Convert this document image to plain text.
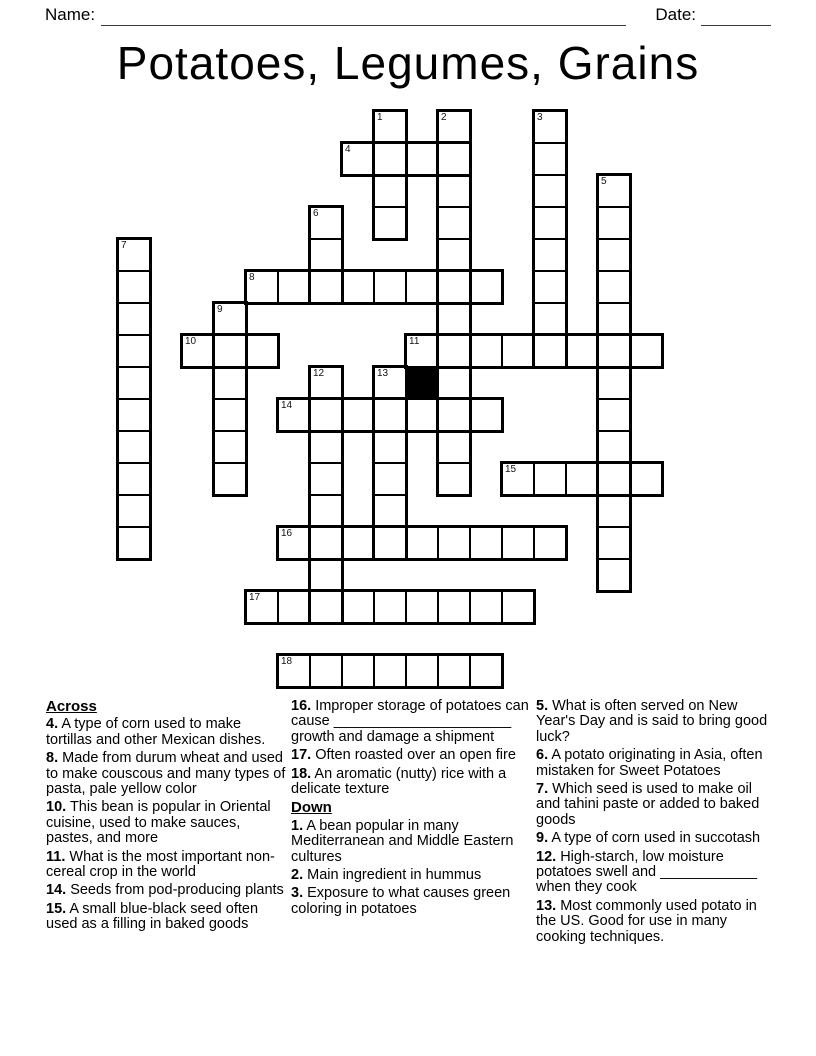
Name:	Date:
Potatoes, Legumes, Grains
1	2	3
4
5
6
7
8
9
10	11
12	13
14
15
16
17
18
Across

4. A type of corn used to make tortillas and other Mexican dishes.

8. Made from durum wheat and used to make couscous and many types of pasta, pale yellow color

10. This bean is popular in Oriental cuisine, used to make sauces, pastes, and more

11. What is the most important non-cereal crop in the world

14. Seeds from pod-producing plants

15. A small blue-black seed often used as a filling in baked goods

16. Improper storage of potatoes can cause ______________________ growth and damage a shipment

17. Often roasted over an open fire

18. An aromatic (nutty) rice with a delicate texture

Down

1. A bean popular in many Mediterranean and Middle Eastern cultures

2. Main ingredient in hummus

3. Exposure to what causes green coloring in potatoes

5. What is often served on New Year's Day and is said to bring good luck?

6. A potato originating in Asia, often mistaken for Sweet Potatoes

7. Which seed is used to make oil and tahini paste or added to baked goods

9. A type of corn used in succotash

12. High-starch, low moisture potatoes swell and ____________ when they cook

13. Most commonly used potato in the US. Good for use in many cooking techniques.
